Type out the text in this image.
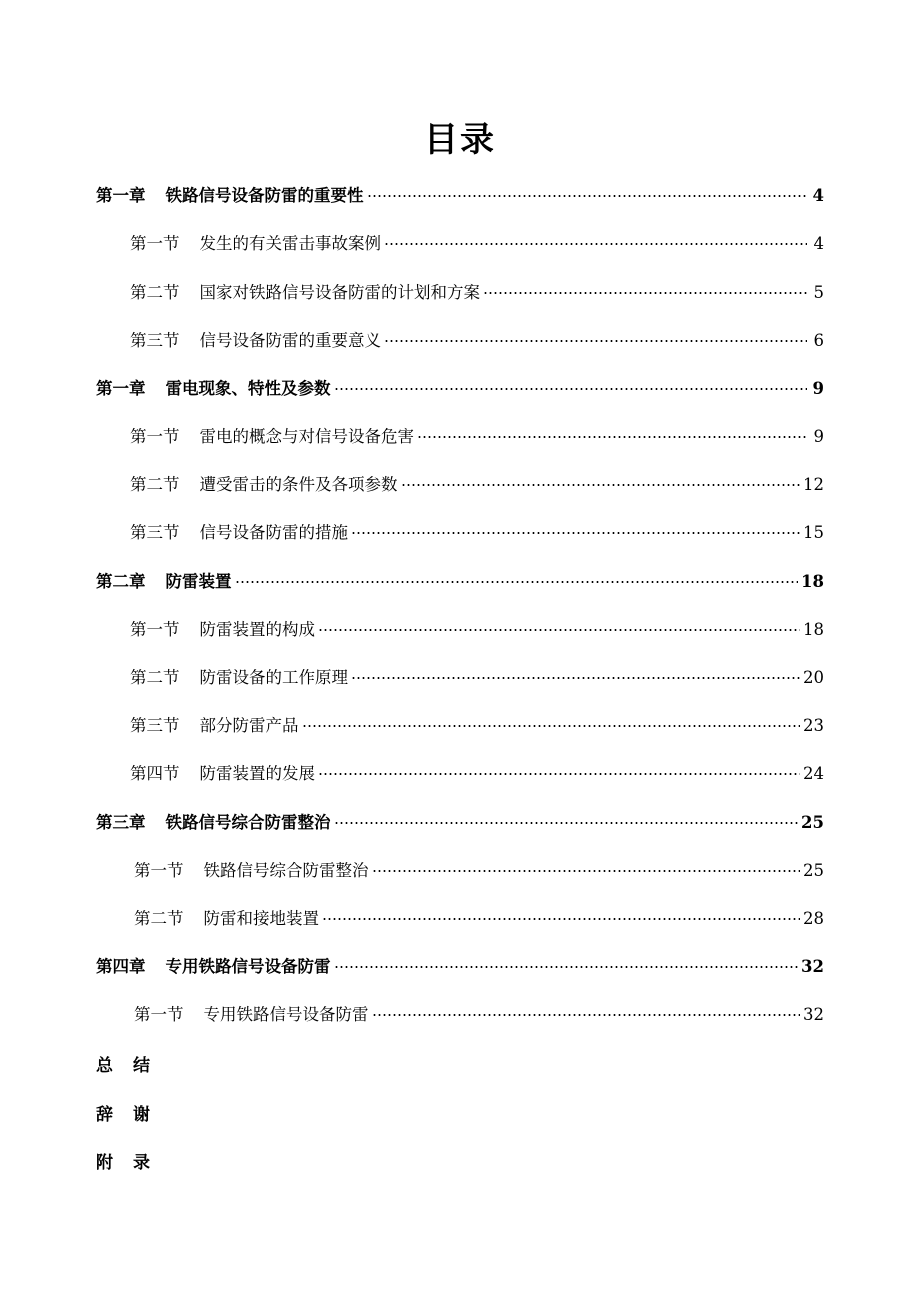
目录
第一章 铁路信号设备防雷的重要性	4
第一节 发生的有关雷击事故案例	4
第二节 国家对铁路信号设备防雷的计划和方案	5
第三节 信号设备防雷的重要意义	6
第一章 雷电现象、特性及参数	9
第一节 雷电的概念与对信号设备危害	9
第二节 遭受雷击的条件及各项参数	12
第三节 信号设备防雷的措施	15
第二章 防雷装置	18
第一节 防雷装置的构成	18
第二节 防雷设备的工作原理	20
第三节 部分防雷产品	23
第四节 防雷装置的发展	24
第三章 铁路信号综合防雷整治	25
第一节 铁路信号综合防雷整治	25
第二节 防雷和接地装置	28
第四章 专用铁路信号设备防雷	32
第一节 专用铁路信号设备防雷	32
总结
辞谢
附录
